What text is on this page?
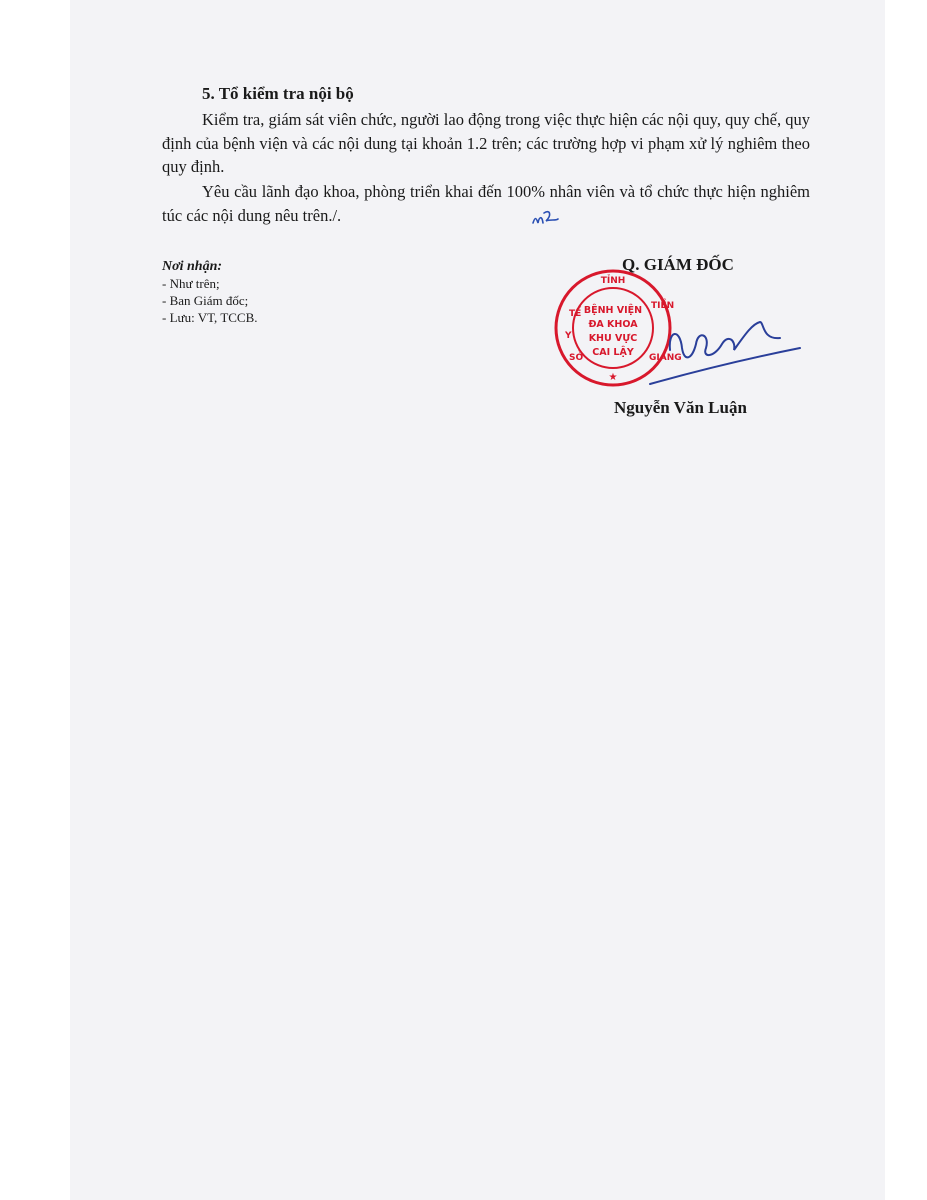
5. Tổ kiểm tra nội bộ

Kiểm tra, giám sát viên chức, người lao động trong việc thực hiện các nội quy, quy chế, quy định của bệnh viện và các nội dung tại khoản 1.2 trên; các trường hợp vi phạm xử lý nghiêm theo quy định.

Yêu cầu lãnh đạo khoa, phòng triển khai đến 100% nhân viên và tổ chức thực hiện nghiêm túc các nội dung nêu trên./.

Nơi nhận:
- Như trên;
- Ban Giám đốc;
- Lưu: VT, TCCB.
Q. GIÁM ĐỐC
TỈNH
TẾ
Y
SỞ
TIỀN
GIANG
BỆNH VIỆN
ĐA KHOA
KHU VỰC
CAI LẬY
★
Nguyễn Văn Luận
